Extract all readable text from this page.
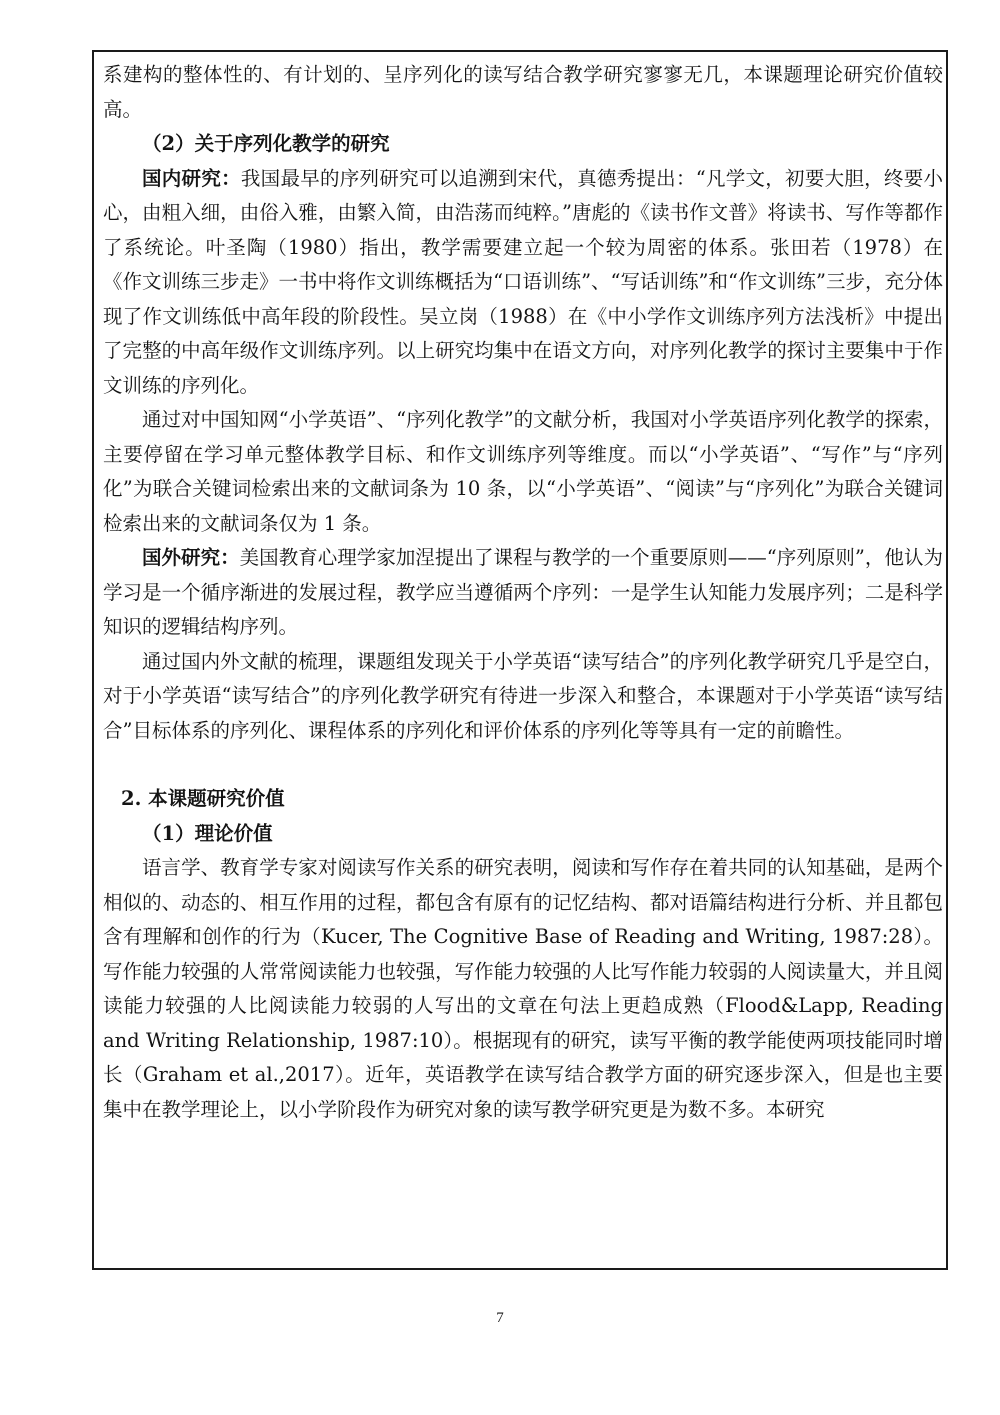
系建构的整体性的、有计划的、呈序列化的读写结合教学研究寥寥无几，本课题理论研究价值较高。

（2）关于序列化教学的研究

国内研究：我国最早的序列研究可以追溯到宋代，真德秀提出：“凡学文，初要大胆，终要小心，由粗入细，由俗入雅，由繁入简，由浩荡而纯粹。”唐彪的《读书作文普》将读书、写作等都作了系统论。叶圣陶（1980）指出，教学需要建立起一个较为周密的体系。张田若（1978）在《作文训练三步走》一书中将作文训练概括为“口语训练”、“写话训练”和“作文训练”三步，充分体现了作文训练低中高年段的阶段性。吴立岗（1988）在《中小学作文训练序列方法浅析》中提出了完整的中高年级作文训练序列。以上研究均集中在语文方向，对序列化教学的探讨主要集中于作文训练的序列化。

通过对中国知网“小学英语”、“序列化教学”的文献分析，我国对小学英语序列化教学的探索，主要停留在学习单元整体教学目标、和作文训练序列等维度。而以“小学英语”、“写作”与“序列化”为联合关键词检索出来的文献词条为 10 条，以“小学英语”、“阅读”与“序列化”为联合关键词检索出来的文献词条仅为 1 条。

国外研究：美国教育心理学家加涅提出了课程与教学的一个重要原则——“序列原则”，他认为学习是一个循序渐进的发展过程，教学应当遵循两个序列：一是学生认知能力发展序列；二是科学知识的逻辑结构序列。

通过国内外文献的梳理，课题组发现关于小学英语“读写结合”的序列化教学研究几乎是空白，对于小学英语“读写结合”的序列化教学研究有待进一步深入和整合，本课题对于小学英语“读写结合”目标体系的序列化、课程体系的序列化和评价体系的序列化等等具有一定的前瞻性。

2. 本课题研究价值

（1）理论价值

语言学、教育学专家对阅读写作关系的研究表明，阅读和写作存在着共同的认知基础，是两个相似的、动态的、相互作用的过程，都包含有原有的记忆结构、都对语篇结构进行分析、并且都包含有理解和创作的行为（Kucer, The Cognitive Base of Reading and Writing, 1987:28）。写作能力较强的人常常阅读能力也较强，写作能力较强的人比写作能力较弱的人阅读量大，并且阅读能力较强的人比阅读能力较弱的人写出的文章在句法上更趋成熟（Flood&Lapp, Reading and Writing Relationship, 1987:10）。根据现有的研究，读写平衡的教学能使两项技能同时增长（Graham et al.,2017）。近年，英语教学在读写结合教学方面的研究逐步深入，但是也主要集中在教学理论上，以小学阶段作为研究对象的读写教学研究更是为数不多。本研究

7
